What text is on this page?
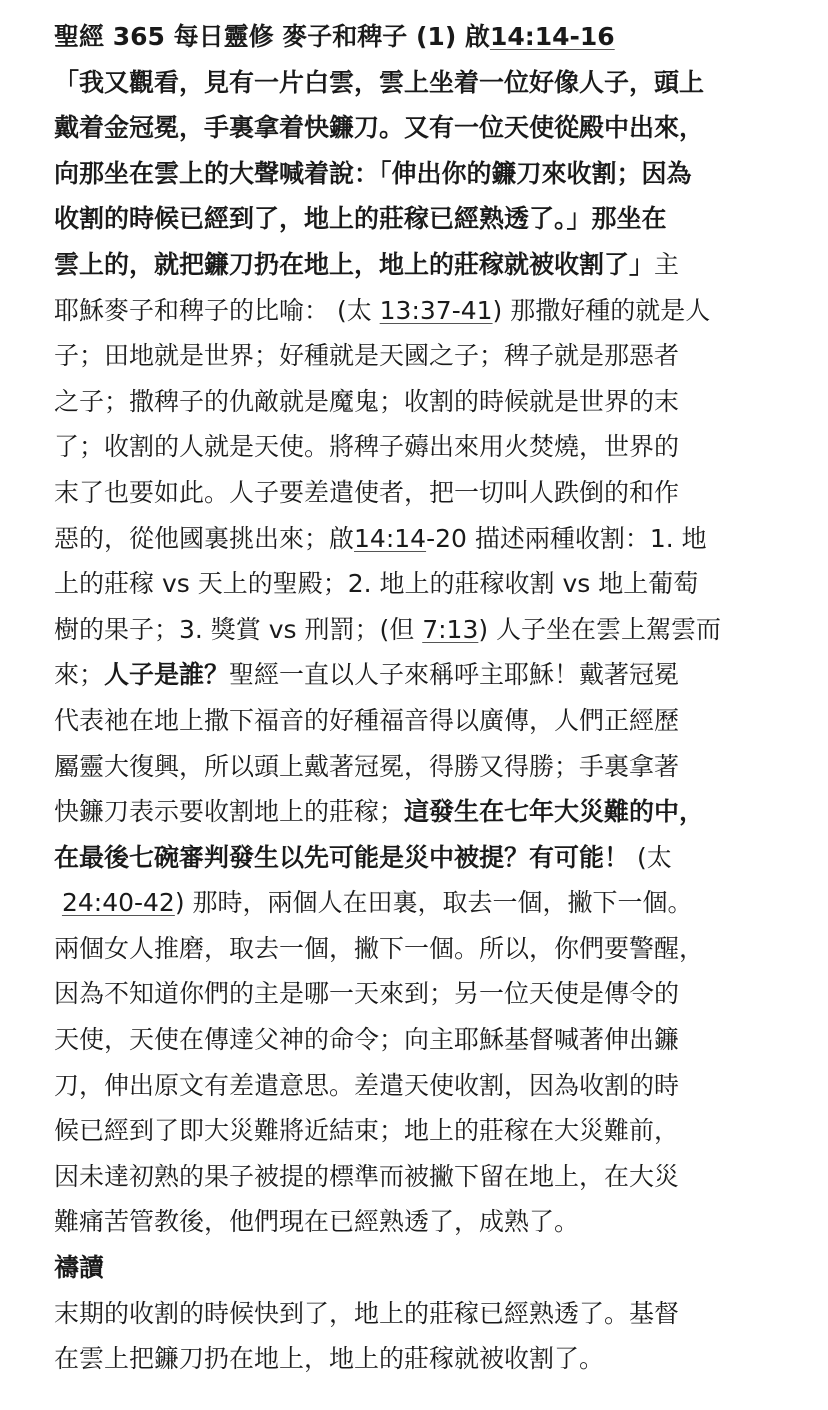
聖經 365 每日靈修 麥子和稗子 (1) 啟14:14-16
「我又觀看，見有一片白雲，雲上坐着一位好像人子，頭上
戴着金冠冕，手裏拿着快鐮刀。又有一位天使從殿中出來，
向那坐在雲上的大聲喊着說：「伸出你的鐮刀來收割；因為
收割的時候已經到了，地上的莊稼已經熟透了。」那坐在
雲上的，就把鐮刀扔在地上，地上的莊稼就被收割了」主
耶穌麥子和稗子的比喻： (太 13:37-41) 那撒好種的就是人
子；田地就是世界；好種就是天國之子；稗子就是那惡者
之子；撒稗子的仇敵就是魔鬼；收割的時候就是世界的末
了；收割的人就是天使。將稗子薅出來用火焚燒，世界的
末了也要如此。人子要差遣使者，把一切叫人跌倒的和作
惡的，從他國裏挑出來；啟14:14-20 描述兩種收割：1. 地
上的莊稼 vs 天上的聖殿；2. 地上的莊稼收割 vs 地上葡萄
樹的果子；3. 獎賞 vs 刑罰；(但 7:13) 人子坐在雲上駕雲而
來；人子是誰？聖經一直以人子來稱呼主耶穌！戴著冠冕
代表祂在地上撒下福音的好種福音得以廣傳，人們正經歷
屬靈大復興，所以頭上戴著冠冕，得勝又得勝；手裏拿著
快鐮刀表示要收割地上的莊稼；這發生在七年大災難的中，
在最後七碗審判發生以先可能是災中被提？有可能！ (太
24:40-42) 那時，兩個人在田裏，取去一個，撇下一個。
兩個女人推磨，取去一個，撇下一個。所以，你們要警醒，
因為不知道你們的主是哪一天來到；另一位天使是傳令的
天使，天使在傳達父神的命令；向主耶穌基督喊著伸出鐮
刀，伸出原文有差遣意思。差遣天使收割，因為收割的時
候已經到了即大災難將近結束；地上的莊稼在大災難前，
因未達初熟的果子被提的標準而被撇下留在地上，在大災
難痛苦管教後，他們現在已經熟透了，成熟了。
禱讀
末期的收割的時候快到了，地上的莊稼已經熟透了。基督
在雲上把鐮刀扔在地上，地上的莊稼就被收割了。
